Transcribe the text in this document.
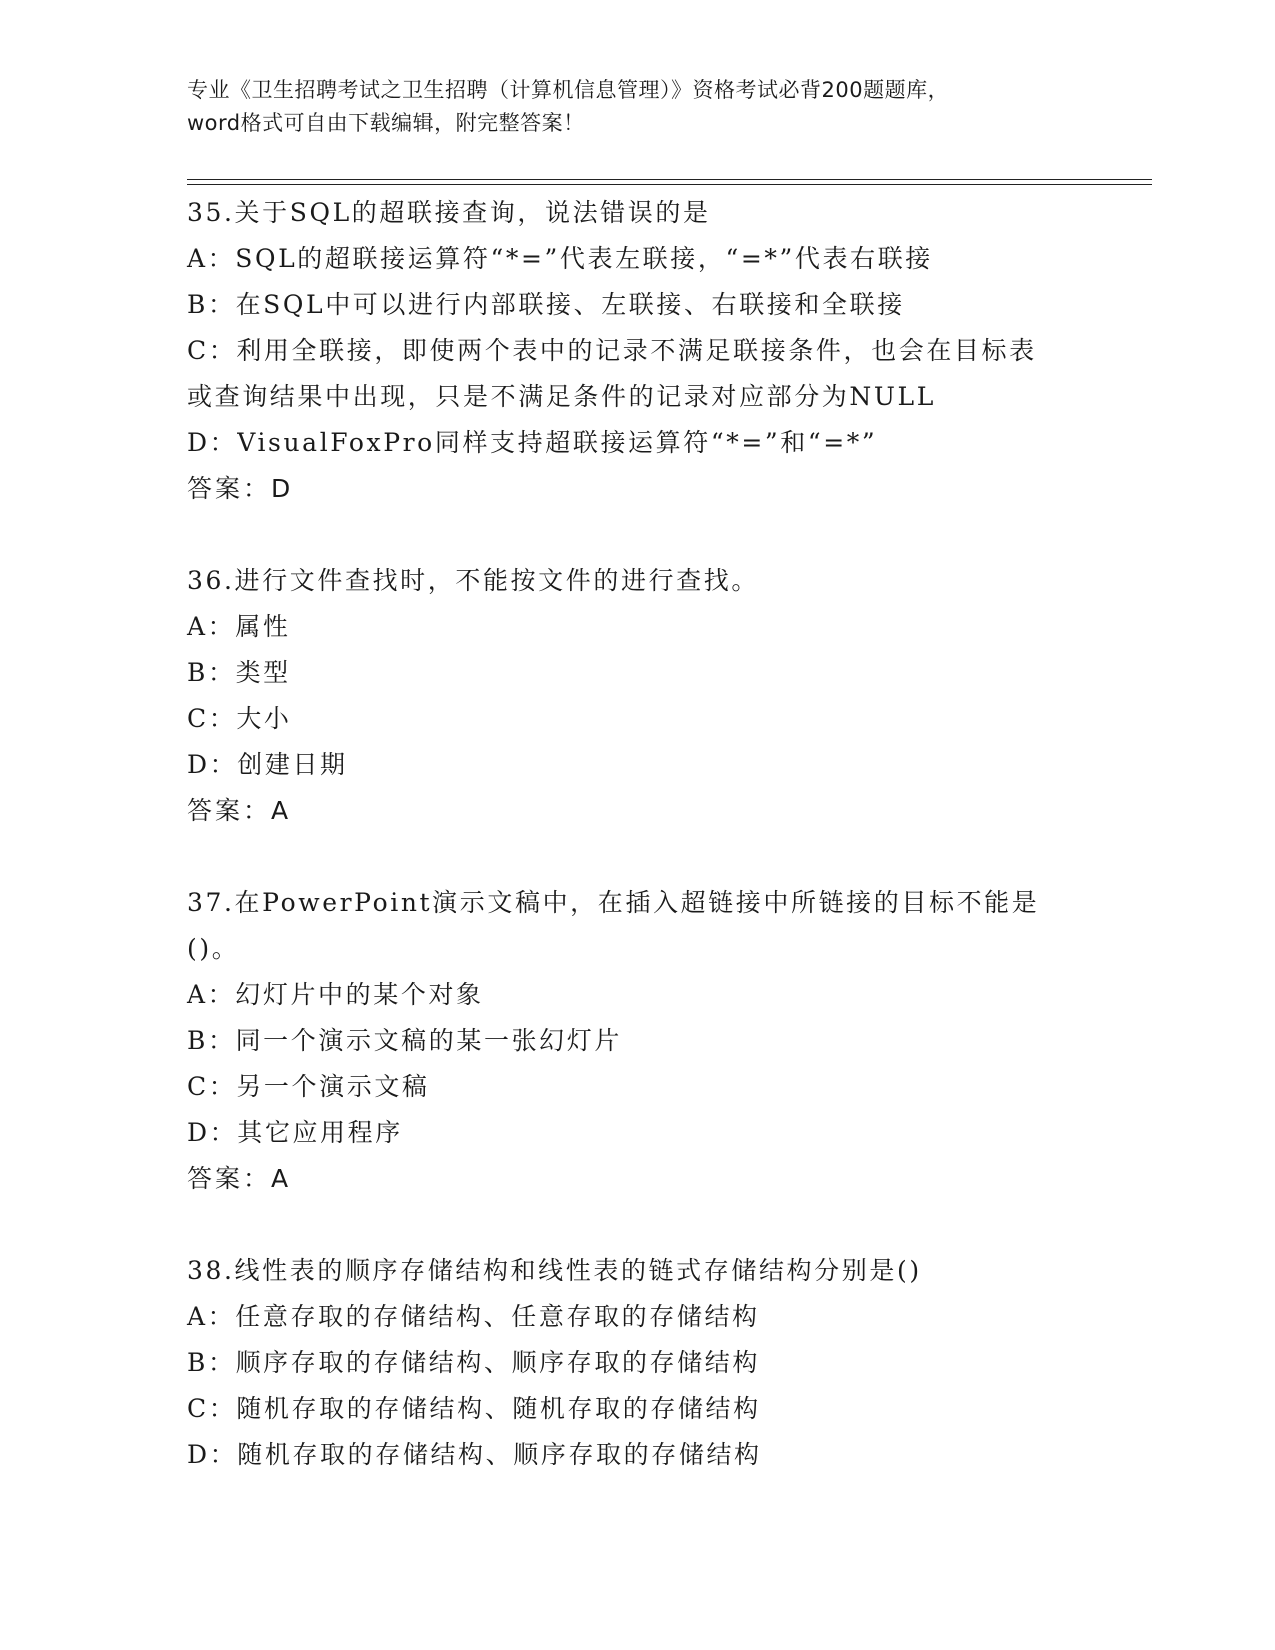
专业《卫生招聘考试之卫生招聘（计算机信息管理）》资格考试必背200题题库，
word格式可自由下载编辑，附完整答案！
35.关于SQL的超联接查询，说法错误的是
A：SQL的超联接运算符“*=”代表左联接，“=*”代表右联接
B：在SQL中可以进行内部联接、左联接、右联接和全联接
C：利用全联接，即使两个表中的记录不满足联接条件，也会在目标表
或查询结果中出现，只是不满足条件的记录对应部分为NULL
D：VisualFoxPro同样支持超联接运算符“*=”和“=*”
答案：D
36.进行文件查找时，不能按文件的进行查找。
A：属性
B：类型
C：大小
D：创建日期
答案：A
37.在PowerPoint演示文稿中，在插入超链接中所链接的目标不能是
()。
A：幻灯片中的某个对象
B：同一个演示文稿的某一张幻灯片
C：另一个演示文稿
D：其它应用程序
答案：A
38.线性表的顺序存储结构和线性表的链式存储结构分别是()
A：任意存取的存储结构、任意存取的存储结构
B：顺序存取的存储结构、顺序存取的存储结构
C：随机存取的存储结构、随机存取的存储结构
D：随机存取的存储结构、顺序存取的存储结构
